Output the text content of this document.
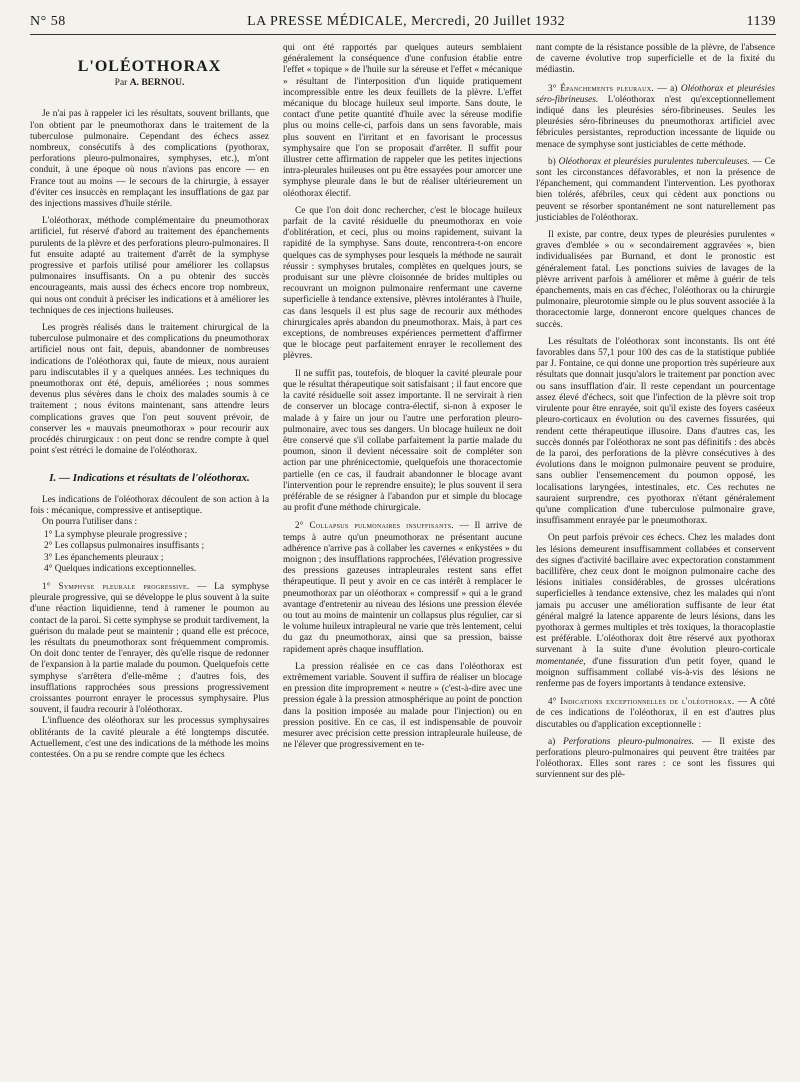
N° 58	LA PRESSE MÉDICALE, Mercredi, 20 Juillet 1932	1139
L'OLÉOTHORAX
Par A. BERNOU.

Je n'ai pas à rappeler ici les résultats, souvent brillants, que l'on obtient par le pneumothorax dans le traitement de la tuberculose pulmonaire. Cependant des échecs assez nombreux, consécutifs à des complications (pyothorax, perforations pleuro-pulmonaires, symphyses, etc.), m'ont conduit, à une époque où nous n'avions pas encore — en France tout au moins — le secours de la chirurgie, à essayer d'éviter ces insuccès en remplaçant les insufflations de gaz par des injections massives d'huile stérile.

L'oléothorax, méthode complémentaire du pneumothorax artificiel, fut réservé d'abord au traitement des épanchements purulents de la plèvre et des perforations pleuro-pulmonaires. Il fut ensuite adapté au traitement d'arrêt de la symphyse progressive et parfois utilisé pour améliorer les collapsus pulmonaires insuffisants. On a pu obtenir des succès encourageants, mais aussi des échecs encore trop nombreux, qui nous ont conduit à préciser les indications et à améliorer les techniques de ces injections huileuses.

Les progrès réalisés dans le traitement chirurgical de la tuberculose pulmonaire et des complications du pneumothorax artificiel nous ont fait, depuis, abandonner de nombreuses indications de l'oléothorax qui, faute de mieux, nous auraient paru indiscutables il y a quelques années. Les techniques du pneumothorax ont été, depuis, améliorées ; nous sommes devenus plus sévères dans le choix des malades soumis à ce traitement ; nous évitons maintenant, sans attendre leurs complications graves que l'on peut souvent prévoir, de conserver les « mauvais pneumothorax » pour recourir aux procédés chirurgicaux : on peut donc se rendre compte à quel point s'est rétréci le domaine de l'oléothorax.

I. — Indications et résultats de l'oléothorax.

Les indications de l'oléothorax découlent de son action à la fois : mécanique, compressive et antiseptique.

On pourra l'utiliser dans :

1° La symphyse pleurale progressive ;
2° Les collapsus pulmonaires insuffisants ;
3° Les épanchements pleuraux ;
4° Quelques indications exceptionnelles.

1° Symphyse pleurale progressive. — La symphyse pleurale progressive, qui se développe le plus souvent à la suite d'une réaction liquidienne, tend à ramener le poumon au contact de la paroi. Si cette symphyse se produit tardivement, la guérison du malade peut se maintenir ; quand elle est précoce, les résultats du pneumothorax sont fréquemment compromis. On doit donc tenter de l'enrayer, dès qu'elle risque de redonner de l'expansion à la partie malade du poumon. Quelquefois cette symphyse s'arrêtera d'elle-même ; d'autres fois, des insufflations rapprochées sous pressions progressivement croissantes pourront enrayer le processus symphysaire. Plus souvent, il faudra recourir à l'oléothorax.

L'influence des oléothorax sur les processus symphysaires oblitérants de la cavité pleurale a été longtemps discutée. Actuellement, c'est une des indications de la méthode les moins contestées. On a pu se rendre compte que les échecs

qui ont été rapportés par quelques auteurs semblaient généralement la conséquence d'une confusion établie entre l'effet « topique » de l'huile sur la séreuse et l'effet « mécanique » résultant de l'interposition d'un liquide pratiquement incompressible entre les deux feuillets de la plèvre. L'effet mécanique du blocage huileux seul importe. Sans doute, le contact d'une petite quantité d'huile avec la séreuse modifie plus ou moins celle-ci, parfois dans un sens favorable, mais plus souvent en l'irritant et en favorisant le processus symphysaire que l'on se proposait d'arrêter. Il suffit pour illustrer cette affirmation de rappeler que les petites injections intra-pleurales huileuses ont pu être essayées pour amorcer une symphyse pleurale dans le but de réaliser ultérieurement un oléothorax électif.

Ce que l'on doit donc rechercher, c'est le blocage huileux parfait de la cavité résiduelle du pneumothorax en voie d'oblitération, et ceci, plus ou moins rapidement, suivant la rapidité de la symphyse. Sans doute, rencontrera-t-on encore quelques cas de symphyses pour lesquels la méthode ne saurait réussir : symphyses brutales, complètes en quelques jours, se produisant sur une plèvre cloisonnée de brides multiples ou recouvrant un moignon pulmonaire renfermant une caverne superficielle à tendance extensive, plèvres intolérantes à l'huile, cas dans lesquels il est plus sage de recourir aux méthodes chirurgicales après abandon du pneumothorax. Mais, à part ces exceptions, de nombreuses expériences permettent d'affirmer que le blocage peut parfaitement enrayer le recollement des plèvres.

Il ne suffit pas, toutefois, de bloquer la cavité pleurale pour que le résultat thérapeutique soit satisfaisant ; il faut encore que la cavité résiduelle soit assez importante. Il ne servirait à rien de conserver un blocage contra-électif, si-non à exposer le malade à y faire un jour ou l'autre une perforation pleuro-pulmonaire, avec tous ses dangers. Un blocage huileux ne doit être conservé que s'il collabe parfaitement la partie malade du poumon, sinon il devient nécessaire soit de compléter son action par une phrénicectomie, quelquefois une thoracectomie partielle (en ce cas, il faudrait abandonner le blocage avant l'intervention pour le reprendre ensuite); le plus souvent il sera préférable de se résigner à l'abandon pur et simple du blocage au profit d'une méthode chirurgicale.

2° Collapsus pulmonaires insuffisants. — Il arrive de temps à autre qu'un pneumothorax ne présentant aucune adhérence n'arrive pas à collaber les cavernes « enkystées » du moignon ; des insufflations rapprochées, l'élévation progressive des pressions gazeuses intrapleurales restent sans effet thérapeutique. Il peut y avoir en ce cas intérêt à remplacer le pneumothorax par un oléothorax « compressif » qui a le grand avantage d'entretenir au niveau des lésions une pression élevée ou tout au moins de maintenir un collapsus plus régulier, car si le volume huileux intrapleural ne varie que très lentement, celui du gaz du pneumothorax, ainsi que sa pression, baisse rapidement après chaque insufflation.

La pression réalisée en ce cas dans l'oléothorax est extrêmement variable. Souvent il suffira de réaliser un blocage en pression dite improprement « neutre » (c'est-à-dire avec une pression égale à la pression atmosphérique au point de ponction dans la position imposée au malade pour l'injection) ou en pression positive. En ce cas, il est indispensable de pouvoir mesurer avec précision cette pression intrapleurale huileuse, de ne l'élever que progressivement en te-

nant compte de la résistance possible de la plèvre, de l'absence de caverne évolutive trop superficielle et de la fixité du médiastin.

3° Épanchements pleuraux. — a) Oléothorax et pleurésies séro-fibrineuses. L'oléothorax n'est qu'exceptionnellement indiqué dans les pleurésies séro-fibrineuses. Seules les pleurésies séro-fibrineuses du pneumothorax artificiel avec fébricules persistantes, reproduction incessante de liquide ou menace de symphyse sont justiciables de cette méthode.

b) Oléothorax et pleurésies purulentes tuberculeuses. — Ce sont les circonstances défavorables, et non la présence de l'épanchement, qui commandent l'intervention. Les pyothorax bien tolérés, afébriles, ceux qui cèdent aux ponctions ou peuvent se résorber spontanément ne sont naturellement pas justiciables de l'oléothorax.

Il existe, par contre, deux types de pleurésies purulentes « graves d'emblée » ou « secondairement aggravées », bien individualisées par Burnand, et dont le pronostic est généralement fatal. Les ponctions suivies de lavages de la plèvre arrivent parfois à améliorer et même à guérir de tels épanchements, mais en cas d'échec, l'oléothorax ou la chirurgie pulmonaire, pleurotomie simple ou le plus souvent associée à la thoracectomie large, donneront encore quelques chances de succès.

Les résultats de l'oléothorax sont inconstants. Ils ont été favorables dans 57,1 pour 100 des cas de la statistique publiée par J. Fontaine, ce qui donne une proportion très supérieure aux résultats que donnait jusqu'alors le traitement par ponction avec ou sans insufflation d'air. Il reste cependant un pourcentage assez élevé d'échecs, soit que l'infection de la plèvre soit trop virulente pour être enrayée, soit qu'il existe des foyers caséeux pleuro-corticaux en évolution ou des cavernes fissurées, qui rendent cette thérapeutique illusoire. Dans d'autres cas, les succès donnés par l'oléothorax ne sont pas définitifs : des abcès de la paroi, des perforations de la plèvre consécutives à des évolutions dans le moignon pulmonaire peuvent se produire, sans oublier l'ensemencement du poumon opposé, les localisations laryngées, intestinales, etc. Ces rechutes ne sauraient surprendre, ces pyothorax n'étant généralement qu'une complication d'une tuberculose pulmonaire grave, insuffisamment enrayée par le pneumothorax.

On peut parfois prévoir ces échecs. Chez les malades dont les lésions demeurent insuffisamment collabées et conservent des signes d'activité bacillaire avec expectoration constamment bacillifère, chez ceux dont le moignon pulmonaire cache des lésions initiales considérables, de grosses ulcérations superficielles à tendance extensive, chez les malades qui n'ont jamais pu accuser une amélioration suffisante de leur état général malgré la latence apparente de leurs lésions, dans les pyothorax à germes multiples et très toxiques, la thoracoplastie est préférable. L'oléothorax doit être réservé aux pyothorax survenant à la suite d'une évolution pleuro-corticale momentanée, d'une fissuration d'un petit foyer, quand le moignon suffisamment collabé vis-à-vis des lésions ne renferme pas de foyers importants à tendance extensive.

4° Indications exceptionnelles de l'oléothorax. — A côté de ces indications de l'oléothorax, il en est d'autres plus discutables ou d'application exceptionnelle :

a) Perforations pleuro-pulmonaires. — Il existe des perforations pleuro-pulmonaires qui peuvent être traitées par l'oléothorax. Elles sont rares : ce sont les fissures qui surviennent sur des plè-
